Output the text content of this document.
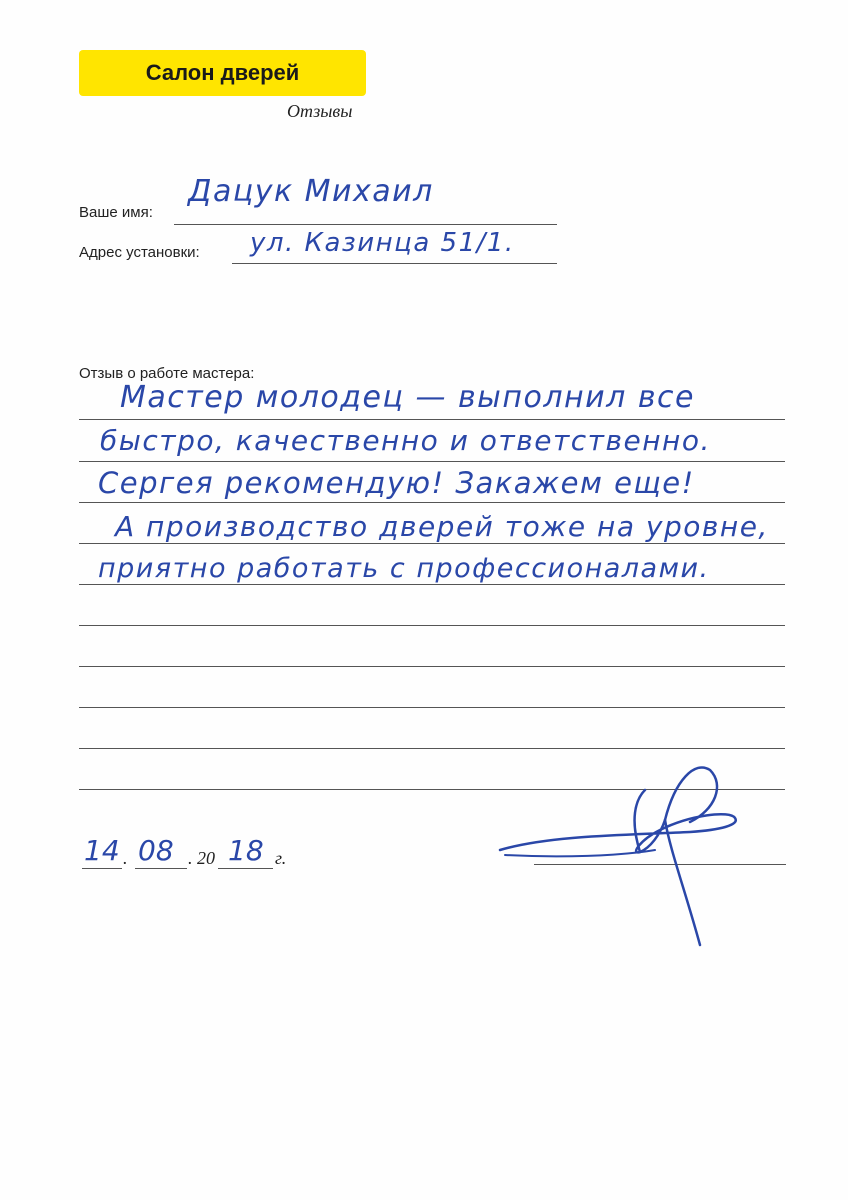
Салон дверей
Отзывы
Ваше имя:
Дацук Михаил
Адрес установки: ул. Казинца 51/1.
Отзыв о работе мастера:
Мастер молодец — выполнил все
быстро, качественно и ответственно.
Сергея рекомендую! Закажем еще!
А производство дверей тоже на уровне,
приятно работать с профессионалами.
14 . 08 . 20 18 г.
